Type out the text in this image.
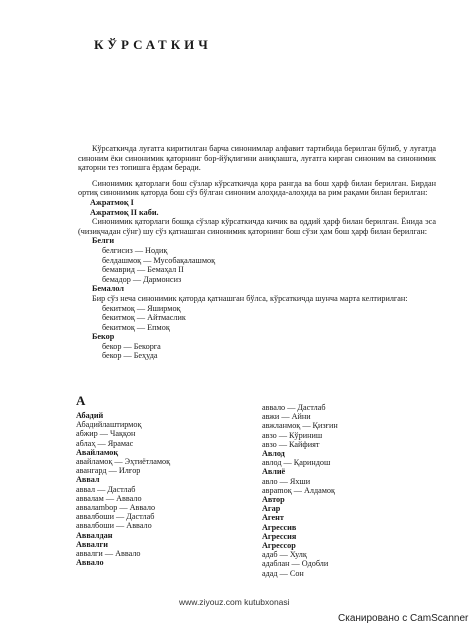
КЎРСАТКИЧ

Кўрсаткичда луғатга киритилган барча синонимлар алфавит тартибида берилган бўлиб, у луғатда синоним ёки синонимик қаторнинг бор-йўқлигини аниқлашга, луғатга кирган синоним ва синонимик қаторни тез топишга ёрдам беради.

Синонимик қаторлаги бош сўзлар кўрсаткичда қора рангда ва бош ҳарф билан берилган. Бирдан ортиқ синонимик қаторда бош сўз бўлган синоним алоҳида-алоҳида ва рим рақами билан берилган:

Ажратмоқ I
Ажратмоқ II каби.

Синонимик қаторлаги бошқа сўзлар кўрсаткичда кичик ва оддий ҳарф билан берилган. Ёнида эса (чизиқчадан сўнг) шу сўз қатнашган синонимик қаторнинг бош сўзи ҳам бош ҳарф билан берилган:

Белги
белгисиз — Нодиқ
белдашмоқ — Мусобақалашмоқ
бемаврид — Бемаҳал II
бемадор — Дармонсиз
Бемалол

Бир сўз неча синонимик қаторда қатнашган бўлса, кўрсаткичда шунча марта келтирилган:

бекитмоқ — Яширмоқ
бекитмоқ — Айтмаслик
бекитмоқ — Епмоқ
Бекор
бекор — Бекорга
бекор — Беҳуда
А
Абадий
Абадийлаштирмоқ
абжир — Чаққон
аблаҳ — Ярамас
Авайламоқ
авайламоқ — Эҳтиётламоқ
авангард — Илғор
Аввал
аввал — Дастлаб
аввалам — Аввало
аввалambор — Аввало
аввалбоши — Дастлаб
аввалбоши — Аввало
Аввалдан
Аввалги
аввалги — Аввало
Аввало
аввало — Дастлаб
авжи — Айни
авжланмоқ — Қизғин
авзо — Кўриниш
авзо — Кайфият
Авлод
авлод — Қариндош
Авлиё
авло — Яхши
авраmoқ — Алдамоқ
Автор
Агар
Агент
Агрессив
Агрессия
Агрессор
адаб — Хулқ
адаблан — Одобли
адад — Сон
www.ziyouz.com kutubxonasi
Сканировано с CamScanner
